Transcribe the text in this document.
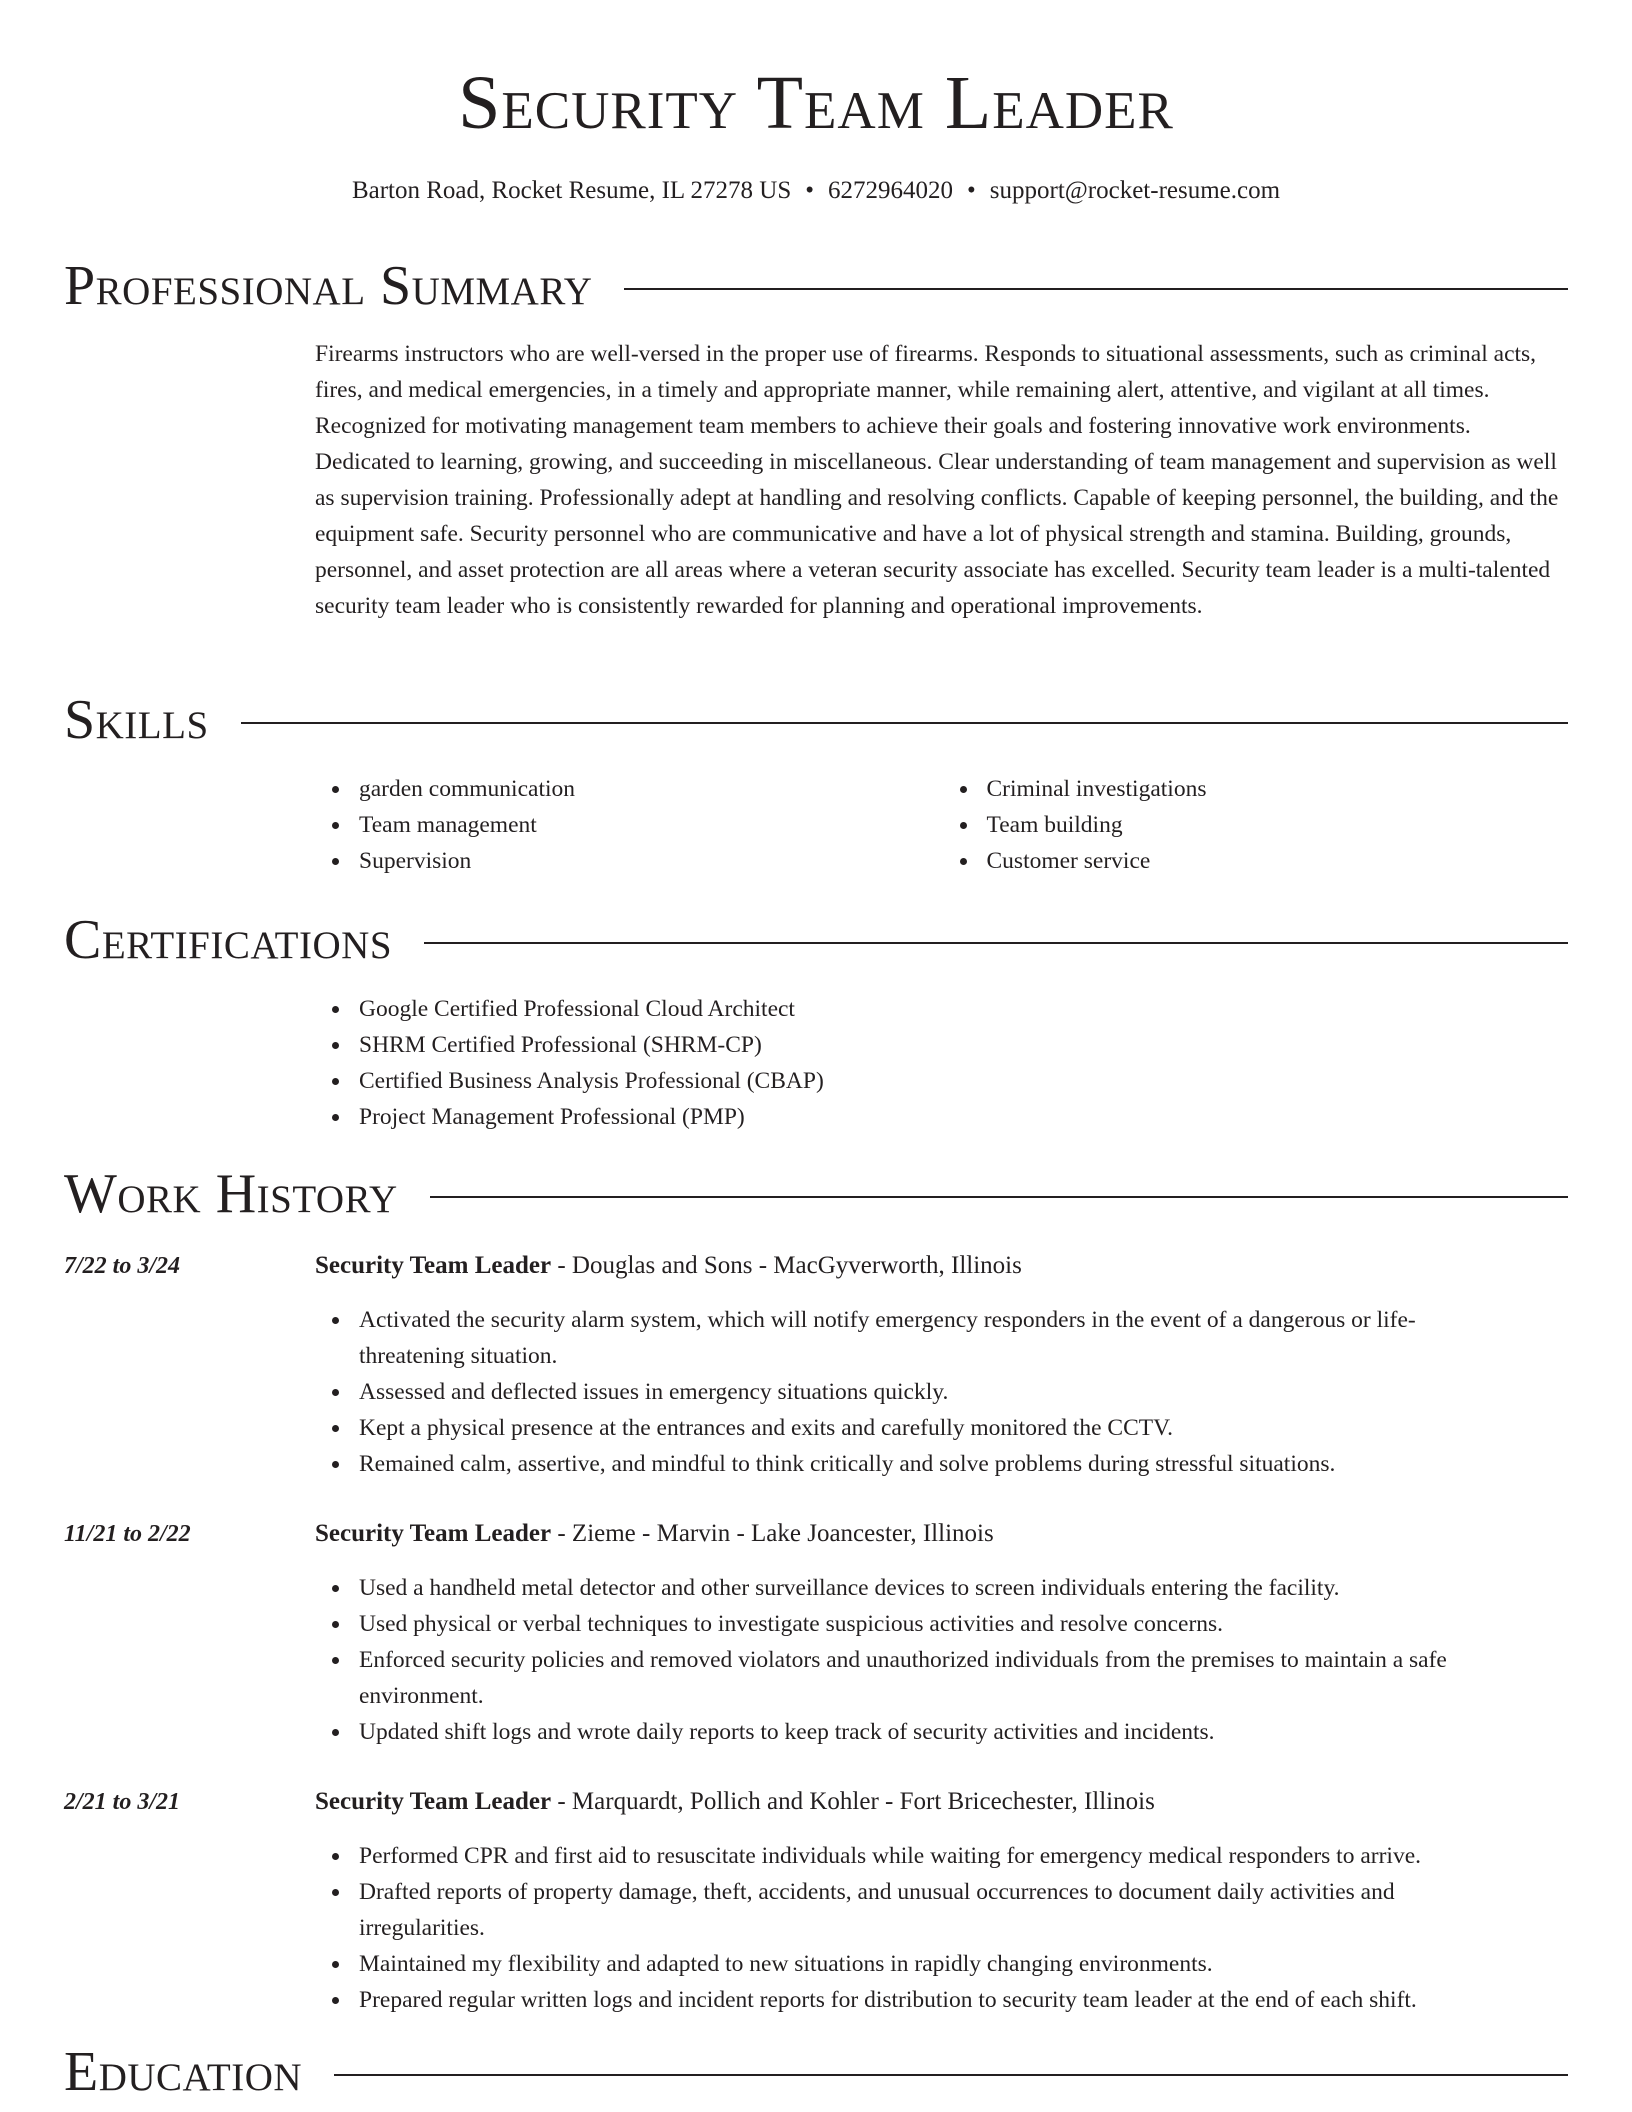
Security Team Leader
Barton Road, Rocket Resume, IL 27278 US • 6272964020 • support@rocket-resume.com
Professional Summary

Firearms instructors who are well-versed in the proper use of firearms. Responds to situational assessments, such as criminal acts, fires, and medical emergencies, in a timely and appropriate manner, while remaining alert, attentive, and vigilant at all times. Recognized for motivating management team members to achieve their goals and fostering innovative work environments. Dedicated to learning, growing, and succeeding in miscellaneous. Clear understanding of team management and supervision as well as supervision training. Professionally adept at handling and resolving conflicts. Capable of keeping personnel, the building, and the equipment safe. Security personnel who are communicative and have a lot of physical strength and stamina. Building, grounds, personnel, and asset protection are all areas where a veteran security associate has excelled. Security team leader is a multi-talented security team leader who is consistently rewarded for planning and operational improvements.

Skills
garden communication
Team management
Supervision
Criminal investigations
Team building
Customer service
Certifications
Google Certified Professional Cloud Architect
SHRM Certified Professional (SHRM-CP)
Certified Business Analysis Professional (CBAP)
Project Management Professional (PMP)
Work History
7/22 to 3/24	Security Team Leader - Douglas and Sons - MacGyverworth, Illinois
Activated the security alarm system, which will notify emergency responders in the event of a dangerous or life-threatening situation.
Assessed and deflected issues in emergency situations quickly.
Kept a physical presence at the entrances and exits and carefully monitored the CCTV.
Remained calm, assertive, and mindful to think critically and solve problems during stressful situations.
11/21 to 2/22	Security Team Leader - Zieme - Marvin - Lake Joancester, Illinois
Used a handheld metal detector and other surveillance devices to screen individuals entering the facility.
Used physical or verbal techniques to investigate suspicious activities and resolve concerns.
Enforced security policies and removed violators and unauthorized individuals from the premises to maintain a safe environment.
Updated shift logs and wrote daily reports to keep track of security activities and incidents.
2/21 to 3/21	Security Team Leader - Marquardt, Pollich and Kohler - Fort Bricechester, Illinois
Performed CPR and first aid to resuscitate individuals while waiting for emergency medical responders to arrive.
Drafted reports of property damage, theft, accidents, and unusual occurrences to document daily activities and irregularities.
Maintained my flexibility and adapted to new situations in rapidly changing environments.
Prepared regular written logs and incident reports for distribution to security team leader at the end of each shift.
Education
